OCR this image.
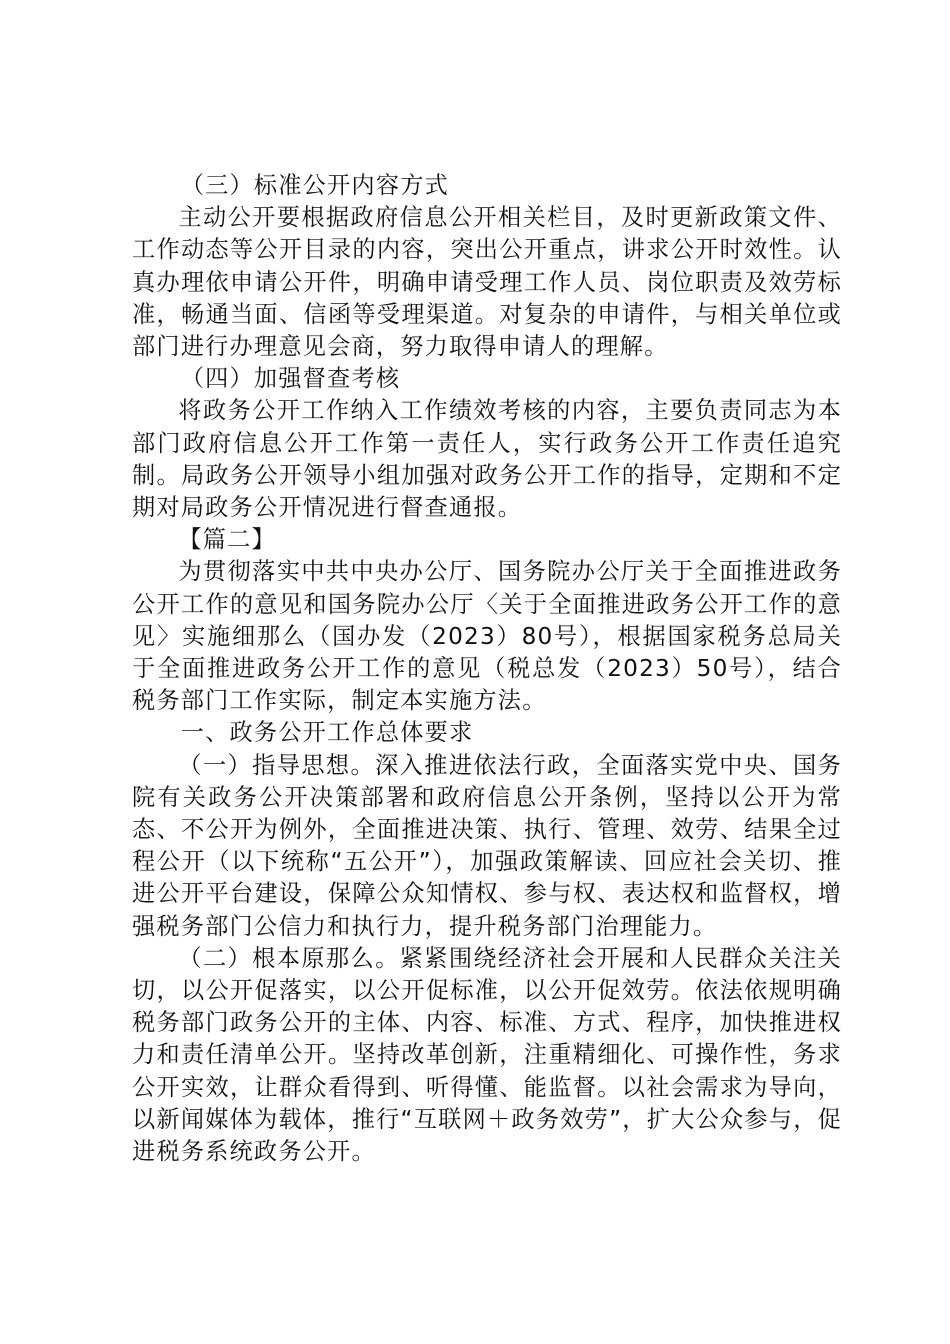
（三）标准公开内容方式

主动公开要根据政府信息公开相关栏目，及时更新政策文件、工作动态等公开目录的内容，突出公开重点，讲求公开时效性。认真办理依申请公开件，明确申请受理工作人员、岗位职责及效劳标准，畅通当面、信函等受理渠道。对复杂的申请件，与相关单位或部门进行办理意见会商，努力取得申请人的理解。

（四）加强督查考核

将政务公开工作纳入工作绩效考核的内容，主要负责同志为本部门政府信息公开工作第一责任人，实行政务公开工作责任追究制。局政务公开领导小组加强对政务公开工作的指导，定期和不定期对局政务公开情况进行督查通报。

【篇二】

为贯彻落实中共中央办公厅、国务院办公厅关于全面推进政务公开工作的意见和国务院办公厅〈关于全面推进政务公开工作的意见〉实施细那么（国办发（2023）80号），根据国家税务总局关于全面推进政务公开工作的意见（税总发（2023）50号），结合税务部门工作实际，制定本实施方法。

一、政务公开工作总体要求

（一）指导思想。深入推进依法行政，全面落实党中央、国务院有关政务公开决策部署和政府信息公开条例，坚持以公开为常态、不公开为例外，全面推进决策、执行、管理、效劳、结果全过程公开（以下统称“五公开”），加强政策解读、回应社会关切、推进公开平台建设，保障公众知情权、参与权、表达权和监督权，增强税务部门公信力和执行力，提升税务部门治理能力。

（二）根本原那么。紧紧围绕经济社会开展和人民群众关注关切，以公开促落实，以公开促标准，以公开促效劳。依法依规明确税务部门政务公开的主体、内容、标准、方式、程序，加快推进权力和责任清单公开。坚持改革创新，注重精细化、可操作性，务求公开实效，让群众看得到、听得懂、能监督。以社会需求为导向，以新闻媒体为载体，推行“互联网＋政务效劳”，扩大公众参与，促进税务系统政务公开。
